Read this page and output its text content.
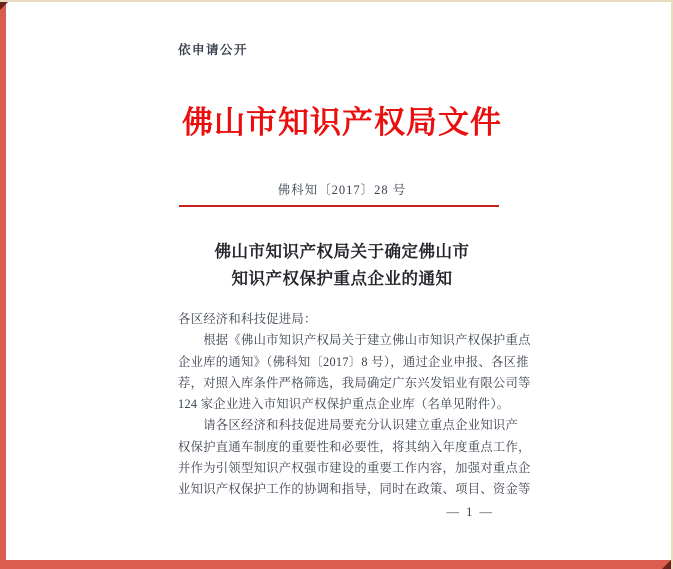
依申请公开
佛山市知识产权局文件
佛科知〔2017〕28 号
佛山市知识产权局关于确定佛山市
知识产权保护重点企业的通知
各区经济和科技促进局：
　　根据《佛山市知识产权局关于建立佛山市知识产权保护重点
企业库的通知》（佛科知〔2017〕8 号），通过企业申报、各区推
荐，对照入库条件严格筛选，我局确定广东兴发铝业有限公司等
124 家企业进入市知识产权保护重点企业库（名单见附件）。
　　请各区经济和科技促进局要充分认识建立重点企业知识产
权保护直通车制度的重要性和必要性，将其纳入年度重点工作，
并作为引领型知识产权强市建设的重要工作内容，加强对重点企
业知识产权保护工作的协调和指导，同时在政策、项目、资金等
— 1 —
